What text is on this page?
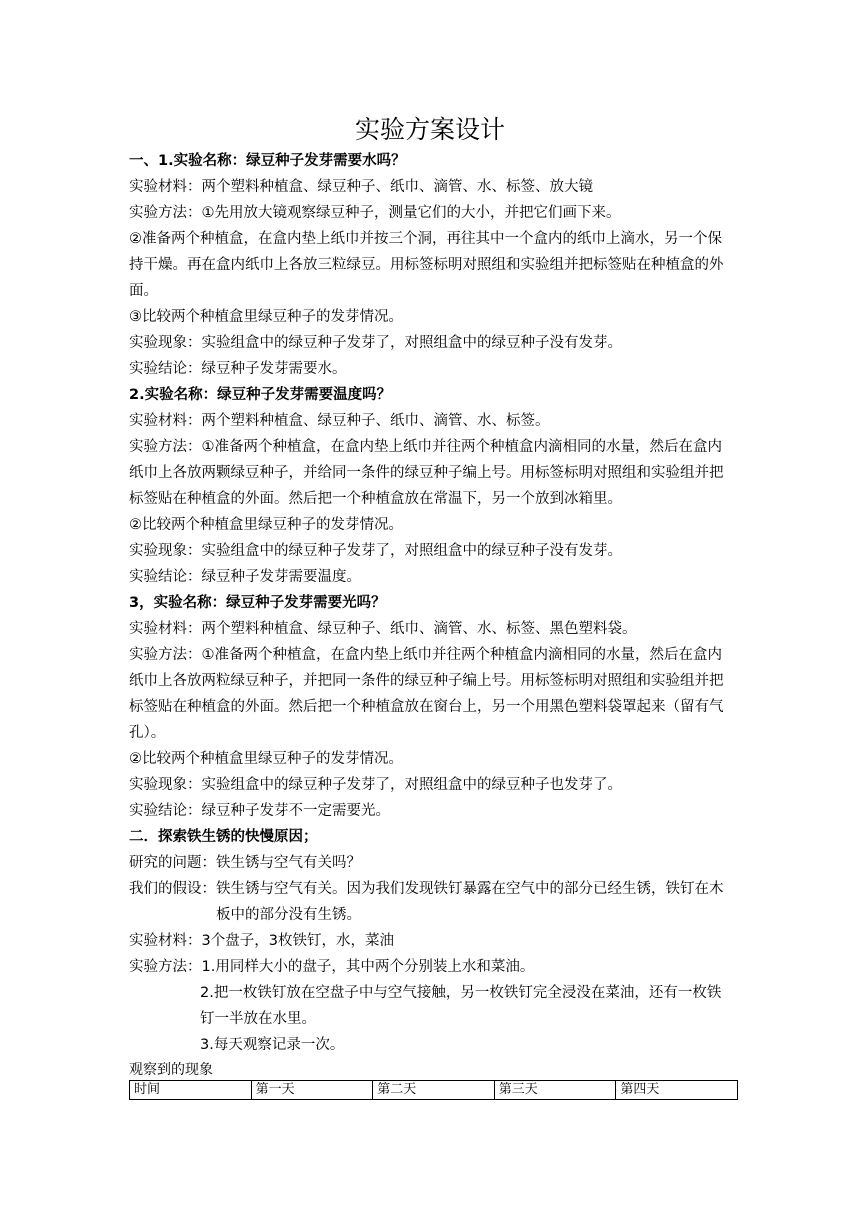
实验方案设计
一、1.实验名称：绿豆种子发芽需要水吗？
实验材料：两个塑料种植盒、绿豆种子、纸巾、滴管、水、标签、放大镜
实验方法：①先用放大镜观察绿豆种子，测量它们的大小，并把它们画下来。
②准备两个种植盒，在盒内垫上纸巾并按三个洞，再往其中一个盒内的纸巾上滴水，另一个保持干燥。再在盒内纸巾上各放三粒绿豆。用标签标明对照组和实验组并把标签贴在种植盒的外面。
③比较两个种植盒里绿豆种子的发芽情况。
实验现象：实验组盒中的绿豆种子发芽了，对照组盒中的绿豆种子没有发芽。
实验结论：绿豆种子发芽需要水。
2.实验名称：绿豆种子发芽需要温度吗？
实验材料：两个塑料种植盒、绿豆种子、纸巾、滴管、水、标签。
实验方法：①准备两个种植盒，在盒内垫上纸巾并往两个种植盒内滴相同的水量，然后在盒内纸巾上各放两颗绿豆种子，并给同一条件的绿豆种子编上号。用标签标明对照组和实验组并把标签贴在种植盒的外面。然后把一个种植盒放在常温下，另一个放到冰箱里。
②比较两个种植盒里绿豆种子的发芽情况。
实验现象：实验组盒中的绿豆种子发芽了，对照组盒中的绿豆种子没有发芽。
实验结论：绿豆种子发芽需要温度。
3，实验名称：绿豆种子发芽需要光吗？
实验材料：两个塑料种植盒、绿豆种子、纸巾、滴管、水、标签、黑色塑料袋。
实验方法：①准备两个种植盒，在盒内垫上纸巾并往两个种植盒内滴相同的水量，然后在盒内纸巾上各放两粒绿豆种子，并把同一条件的绿豆种子编上号。用标签标明对照组和实验组并把标签贴在种植盒的外面。然后把一个种植盒放在窗台上，另一个用黑色塑料袋罩起来（留有气孔）。
②比较两个种植盒里绿豆种子的发芽情况。
实验现象：实验组盒中的绿豆种子发芽了，对照组盒中的绿豆种子也发芽了。
实验结论：绿豆种子发芽不一定需要光。
二．探索铁生锈的快慢原因；
研究的问题：铁生锈与空气有关吗？
我们的假设： 铁生锈与空气有关。因为我们发现铁钉暴露在空气中的部分已经生锈，铁钉在木板中的部分没有生锈。
实验材料：3个盘子，3枚铁钉，水，菜油
实验方法： 1.用同样大小的盘子，其中两个分别装上水和菜油。
2.把一枚铁钉放在空盘子中与空气接触，另一枚铁钉完全浸没在菜油，还有一枚铁钉一半放在水里。
3.每天观察记录一次。
观察到的现象
时间	第一天	第二天	第三天	第四天
